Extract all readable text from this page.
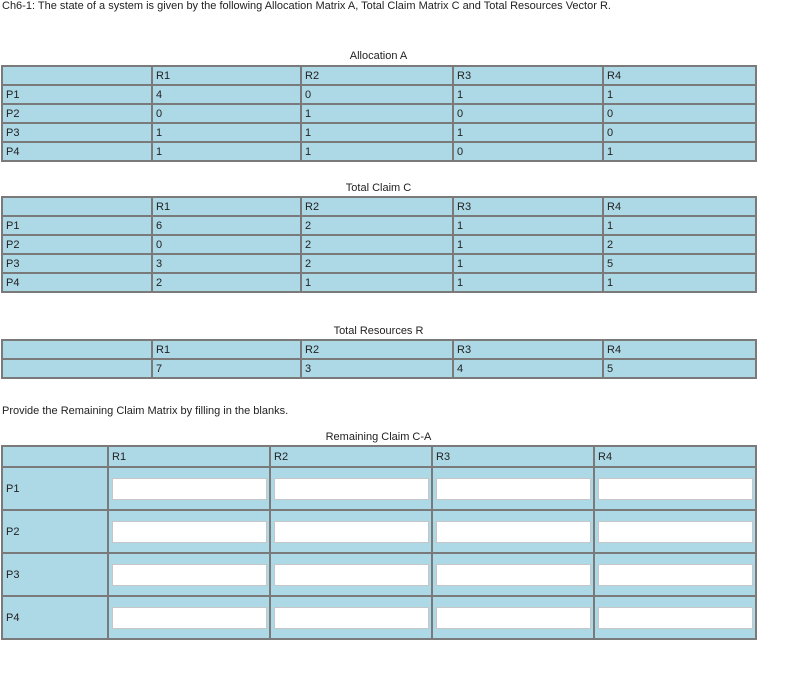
Ch6-1: The state of a system is given by the following Allocation Matrix A, Total Claim Matrix C and Total Resources Vector R.
Allocation A
	R1	R2	R3	R4
P1	4	0	1	1
P2	0	1	0	0
P3	1	1	1	0
P4	1	1	0	1
Total Claim C
	R1	R2	R3	R4
P1	6	2	1	1
P2	0	2	1	2
P3	3	2	1	5
P4	2	1	1	1
Total Resources R
	R1	R2	R3	R4
	7	3	4	5
Provide the Remaining Claim Matrix by filling in the blanks.
Remaining Claim C-A
	R1	R2	R3	R4
P1				
P2				
P3				
P4				
